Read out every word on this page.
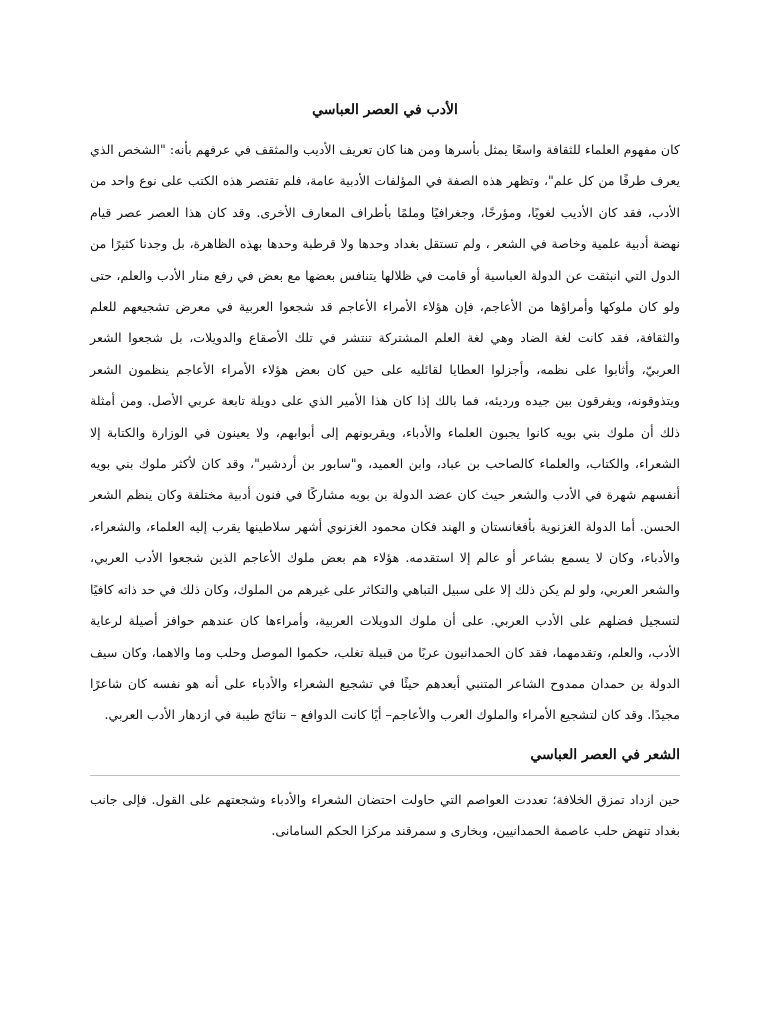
الأدب في العصر العباسي

كان مفهوم العلماء للثقافة واسعًا يمثل بأسرها ومن هنا كان تعريف الأديب والمثقف في عرفهم بأنه: "الشخص الذي يعرف طرفًا من كل علم"، وتظهر هذه الصفة في المؤلفات الأدبية عامة، فلم تقتصر هذه الكتب على نوع واحد من الأدب، فقد كان الأديب لغويًا، ومؤرخًا، وجغرافيًا وملمًا بأطراف المعارف الأخرى. وقد كان هذا العصر عصر قيام نهضة أدبية علمية وخاصة في الشعر ، ولم تستقل بغداد وحدها ولا قرطبة وحدها بهذه الظاهرة، بل وجدنا كثيرًا من الدول التي انبثقت عن الدولة العباسية أو قامت في ظلالها يتنافس بعضها مع بعض في رفع منار الأدب والعلم، حتى ولو كان ملوكها وأمراؤها من الأعاجم، فإن هؤلاء الأمراء الأعاجم قد شجعوا العربية في معرض تشجيعهم للعلم والثقافة، فقد كانت لغة الضاد وهي لغة العلم المشتركة تنتشر في تلك الأصقاع والدويلات، بل شجعوا الشعر العربيّ، وأثابوا على نظمه، وأجزلوا العطايا لقائليه على حين كان بعض هؤلاء الأمراء الأعاجم ينظمون الشعر ويتذوقونه، ويفرقون بين جيده ورديئه، فما بالك إذا كان هذا الأمير الذي على دويلة تابعة عربي الأصل. ومن أمثلة ذلك أن ملوك بني بويه كانوا يجبون العلماء والأدباء، ويقربونهم إلى أبوابهم، ولا يعينون في الوزارة والكتابة إلا الشعراء، والكتاب، والعلماء كالصاحب بن عباد، وابن العميد، و"سابور بن أردشير"، وقد كان لأكثر ملوك بني بويه أنفسهم شهرة في الأدب والشعر حيث كان عضد الدولة بن بويه مشاركًا في فنون أدبية مختلفة وكان ينظم الشعر الحسن. أما الدولة الغزنوية بأفغانستان و الهند فكان محمود الغزنوي أشهر سلاطينها يقرب إليه العلماء، والشعراء، والأدباء، وكان لا يسمع بشاعر أو عالم إلا استقدمه. هؤلاء هم بعض ملوك الأعاجم الذين شجعوا الأدب العربي، والشعر العربي، ولو لم يكن ذلك إلا على سبيل التباهي والتكاثر على غيرهم من الملوك، وكان ذلك في حد ذاته كافيًا لتسجيل فضلهم على الأدب العربي. على أن ملوك الدويلات العربية، وأمراءها كان عندهم حوافز أصيلة لرعاية الأدب، والعلم، وتقدمهما، فقد كان الحمدانيون عربًا من قبيلة تغلب، حكموا الموصل وحلب وما والاهما، وكان سيف الدولة بن حمدان ممدوح الشاعر المتنبي أبعدهم حيئًا في تشجيع الشعراء والأدباء على أنه هو نفسه كان شاعرًا مجيدًا. وقد كان لتشجيع الأمراء والملوك العرب والأعاجم– أيًا كانت الدوافع – نتائج طيبة في ازدهار الأدب العربي.

الشعر في العصر العباسي

حين ازداد تمزق الخلافة؛ تعددت العواصم التي حاولت احتضان الشعراء والأدباء وشجعتهم على القول. فإلى جانب بغداد تنهض حلب عاصمة الحمدانيين، وبخارى و سمرقند مركزا الحكم السامانى.
